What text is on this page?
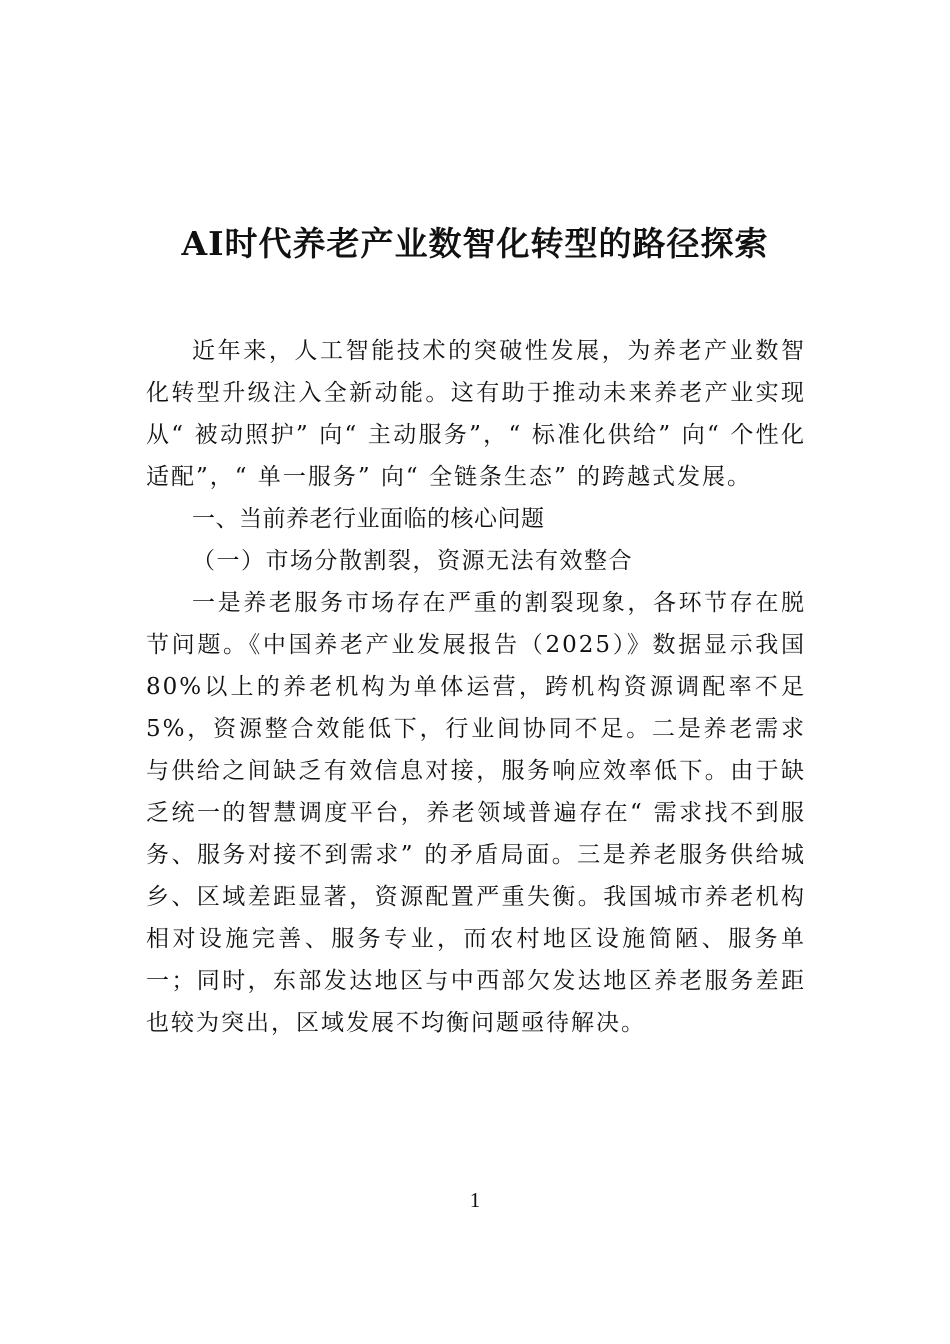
AI时代养老产业数智化转型的路径探索

近年来，人工智能技术的突破性发展，为养老产业数智化转型升级注入全新动能。这有助于推动未来养老产业实现从“ 被动照护” 向“ 主动服务”，“ 标准化供给” 向“ 个性化适配”，“ 单一服务” 向“ 全链条生态” 的跨越式发展。

一、当前养老行业面临的核心问题

（一）市场分散割裂，资源无法有效整合

一是养老服务市场存在严重的割裂现象，各环节存在脱节问题。《中国养老产业发展报告（2025）》数据显示我国 80%以上的养老机构为单体运营，跨机构资源调配率不足5%，资源整合效能低下，行业间协同不足。二是养老需求与供给之间缺乏有效信息对接，服务响应效率低下。由于缺乏统一的智慧调度平台，养老领域普遍存在“ 需求找不到服务、服务对接不到需求” 的矛盾局面。三是养老服务供给城乡、区域差距显著，资源配置严重失衡。我国城市养老机构相对设施完善、服务专业，而农村地区设施简陋、服务单一；同时，东部发达地区与中西部欠发达地区养老服务差距也较为突出，区域发展不均衡问题亟待解决。

1
